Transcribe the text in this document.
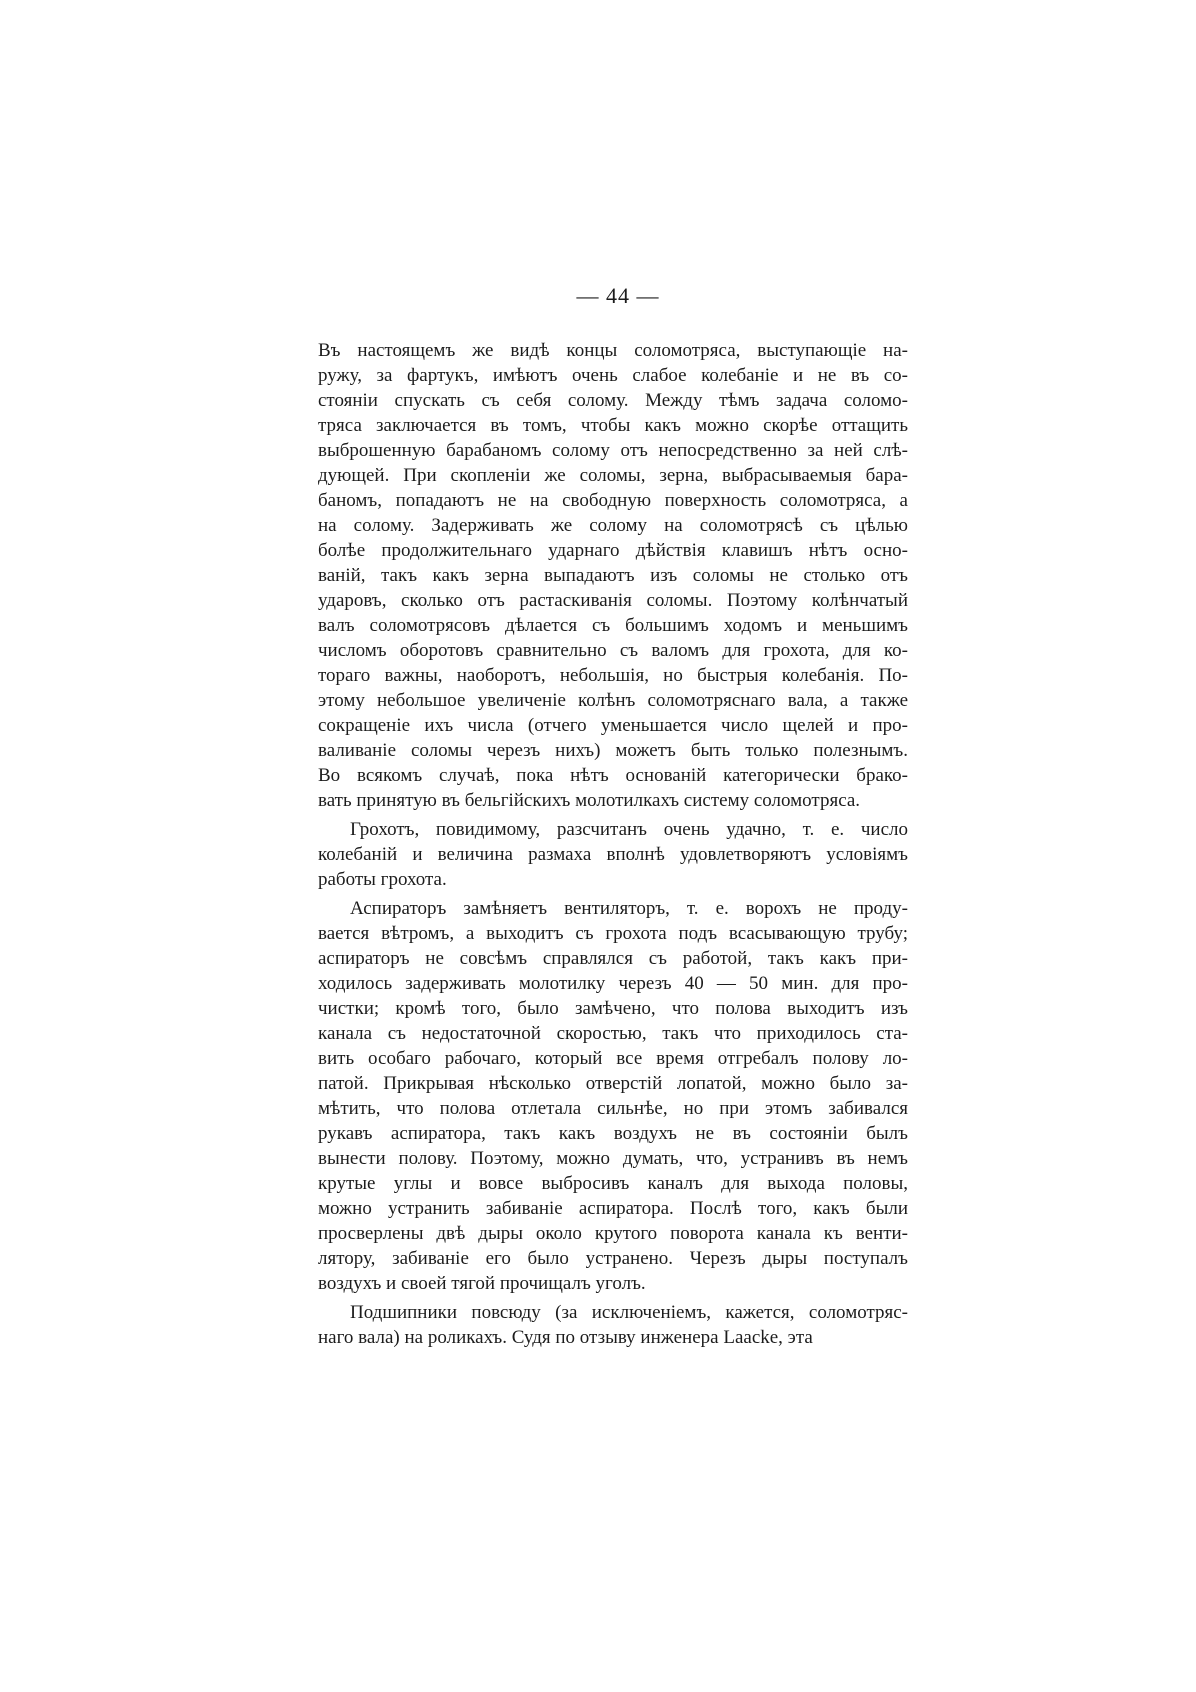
— 44 —
Въ настоящемъ же видѣ концы соломотряса, выступающіе на-
ружу, за фартукъ, имѣютъ очень слабое колебаніе и не въ со-
стояніи спускать съ себя солому. Между тѣмъ задача соломо-
тряса заключается въ томъ, чтобы какъ можно скорѣе оттащить
выброшенную барабаномъ солому отъ непосредственно за ней слѣ-
дующей. При скопленіи же соломы, зерна, выбрасываемыя бара-
баномъ, попадаютъ не на свободную поверхность соломотряса, а
на солому. Задерживать же солому на соломотрясѣ съ цѣлью
болѣе продолжительнаго ударнаго дѣйствія клавишъ нѣтъ осно-
ваній, такъ какъ зерна выпадаютъ изъ соломы не столько отъ
ударовъ, сколько отъ растаскиванія соломы. Поэтому колѣнчатый
валъ соломотрясовъ дѣлается съ большимъ ходомъ и меньшимъ
числомъ оборотовъ сравнительно съ валомъ для грохота, для ко-
тораго важны, наоборотъ, небольшія, но быстрыя колебанія. По-
этому небольшое увеличеніе колѣнъ соломотряснаго вала, а также
сокращеніе ихъ числа (отчего уменьшается число щелей и про-
валиваніе соломы черезъ нихъ) можетъ быть только полезнымъ.
Во всякомъ случаѣ, пока нѣтъ основаній категорически брако-
вать принятую въ бельгійскихъ молотилкахъ систему соломотряса.
Грохотъ, повидимому, разсчитанъ очень удачно, т. е. число
колебаній и величина размаха вполнѣ удовлетворяютъ условіямъ
работы грохота.
Аспираторъ замѣняетъ вентиляторъ, т. е. ворохъ не проду-
вается вѣтромъ, а выходитъ съ грохота подъ всасывающую трубу;
аспираторъ не совсѣмъ справлялся съ работой, такъ какъ при-
ходилось задерживать молотилку черезъ 40 — 50 мин. для про-
чистки; кромѣ того, было замѣчено, что полова выходитъ изъ
канала съ недостаточной скоростью, такъ что приходилось ста-
вить особаго рабочаго, который все время отгребалъ полову ло-
патой. Прикрывая нѣсколько отверстій лопатой, можно было за-
мѣтить, что полова отлетала сильнѣе, но при этомъ забивался
рукавъ аспиратора, такъ какъ воздухъ не въ состояніи былъ
вынести полову. Поэтому, можно думать, что, устранивъ въ немъ
крутые углы и вовсе выбросивъ каналъ для выхода половы,
можно устранить забиваніе аспиратора. Послѣ того, какъ были
просверлены двѣ дыры около крутого поворота канала къ венти-
лятору, забиваніе его было устранено. Черезъ дыры поступалъ
воздухъ и своей тягой прочищалъ уголъ.
Подшипники повсюду (за исключеніемъ, кажется, соломотряс-
наго вала) на роликахъ. Судя по отзыву инженера Laacke, эта
